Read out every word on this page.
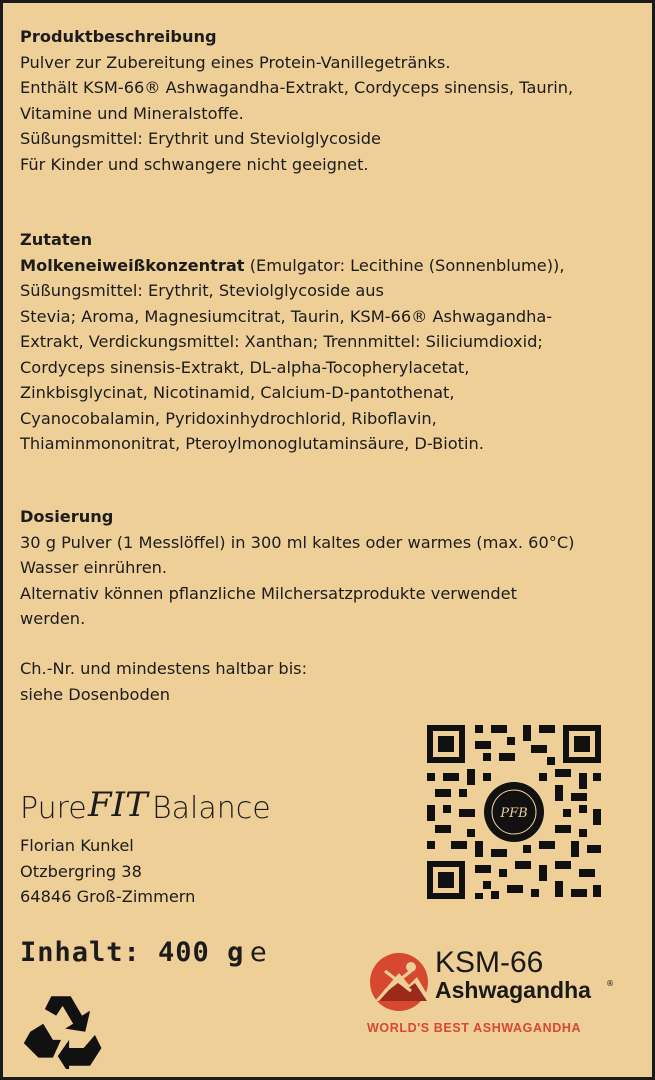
Produktbeschreibung

Pulver zur Zubereitung eines Protein-Vanillegetränks.

Enthält KSM-66® Ashwagandha-Extrakt, Cordyceps sinensis, Taurin,

Vitamine und Mineralstoffe.

Süßungsmittel: Erythrit und Steviolglycoside

Für Kinder und schwangere nicht geeignet.

Zutaten

Molkeneiweißkonzentrat (Emulgator: Lecithine (Sonnenblume)),

Süßungsmittel: Erythrit, Steviolglycoside aus

Stevia; Aroma, Magnesiumcitrat, Taurin, KSM-66® Ashwagandha-

Extrakt, Verdickungsmittel: Xanthan; Trennmittel: Siliciumdioxid;

Cordyceps sinensis-Extrakt, DL-alpha-Tocopherylacetat,

Zinkbisglycinat, Nicotinamid, Calcium-D-pantothenat,

Cyanocobalamin, Pyridoxinhydrochlorid, Riboflavin,

Thiaminmononitrat, Pteroylmonoglutaminsäure, D-Biotin.

Dosierung

30 g Pulver (1 Messlöffel) in 300 ml kaltes oder warmes (max. 60°C)

Wasser einrühren.

Alternativ können pflanzliche Milchersatzprodukte verwendet

werden.

Ch.-Nr. und mindestens haltbar bis:

siehe Dosenboden

Pure FIT Balance

Florian Kunkel

Otzbergring 38

64846 Groß-Zimmern

Inhalt: 400 g e
PFB
KSM-66
Ashwagandha ®
WORLD'S BEST ASHWAGANDHA
